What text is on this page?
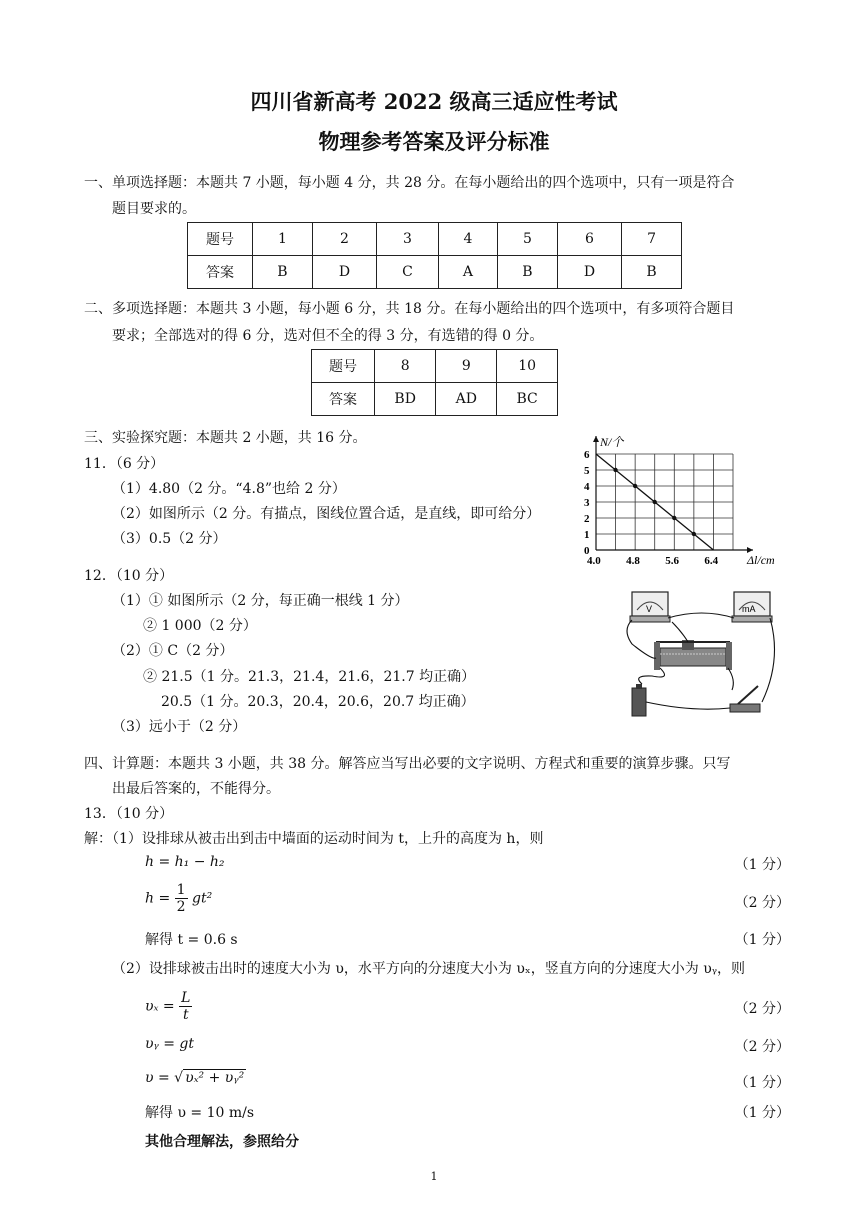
四川省新高考 2022 级高三适应性考试
物理参考答案及评分标准
一、单项选择题：本题共 7 小题，每小题 4 分，共 28 分。在每小题给出的四个选项中，只有一项是符合
题目要求的。
题号	1	2	3	4	5	6	7
答案	B	D	C	A	B	D	B
二、多项选择题：本题共 3 小题，每小题 6 分，共 18 分。在每小题给出的四个选项中，有多项符合题目
要求；全部选对的得 6 分，选对但不全的得 3 分，有选错的得 0 分。
题号	8	9	10
答案	BD	AD	BC
三、实验探究题：本题共 2 小题，共 16 分。
11．（6 分）
（1）4.80（2 分。“4.8”也给 2 分）
（2）如图所示（2 分。有描点，图线位置合适，是直线，即可给分）
（3）0.5（2 分）
12．（10 分）
（1）① 如图所示（2 分，每正确一根线 1 分）
② 1 000（2 分）
（2）① C（2 分）
② 21.5（1 分。21.3，21.4，21.6，21.7 均正确）
20.5（1 分。20.3，20.4，20.6，20.7 均正确）
（3）远小于（2 分）
4.0 4.8 5.6 6.4
0
1
2
3
4
5
6
N/个
Δl/cm
V	mA
四、计算题：本题共 3 小题，共 38 分。解答应当写出必要的文字说明、方程式和重要的演算步骤。只写
出最后答案的，不能得分。
13．（10 分）
解：（1）设排球从被击出到击中墙面的运动时间为 t，上升的高度为 h，则
h = h₁ − h₂	（1 分）
$h = \frac{1}{2} gt^2$	（2 分）
解得 t = 0.6 s	（1 分）
（2）设排球被击出时的速度大小为 υ，水平方向的分速度大小为 υₓ，竖直方向的分速度大小为 υᵧ，则
$\upsilon_x = \frac{L}{t}$	（2 分）
υᵧ = gt	（2 分）
υ = √ υₓ² + υᵧ²	（1 分）
解得 υ = 10 m/s	（1 分）
其他合理解法，参照给分
1
